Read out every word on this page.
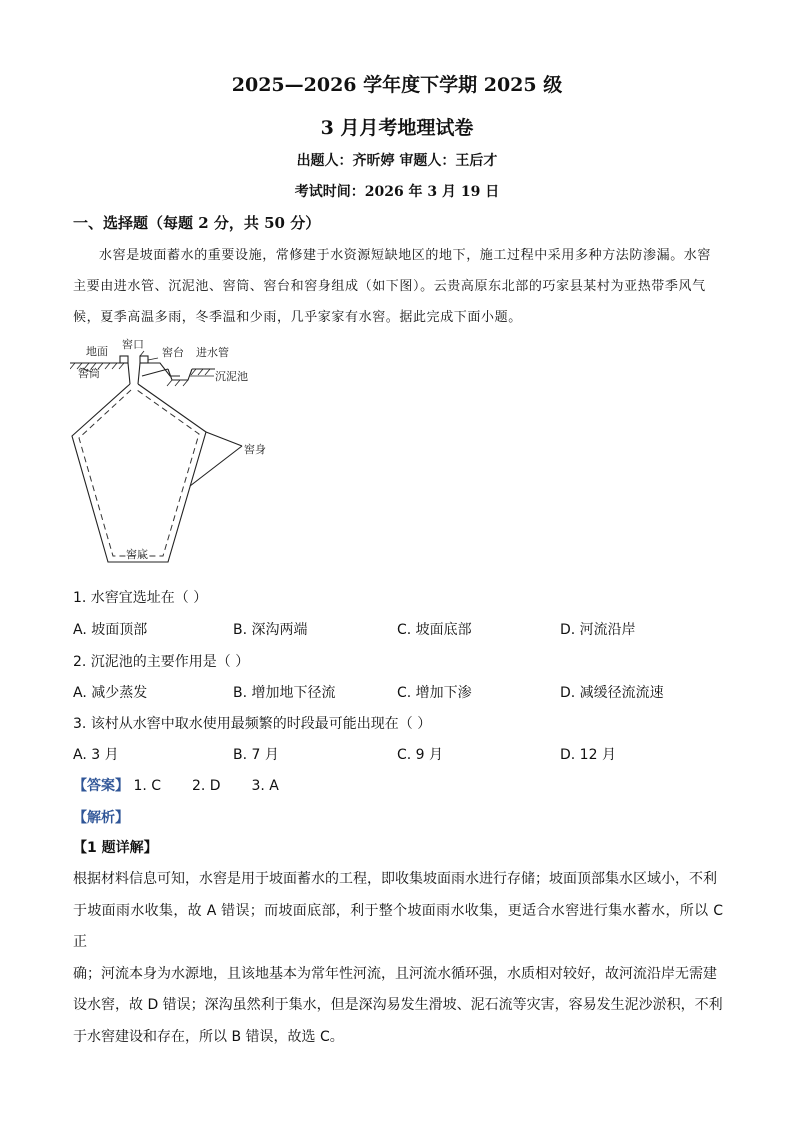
2025—2026 学年度下学期 2025 级
3 月月考地理试卷
出题人：齐昕婷 审题人：王后才
考试时间：2026 年 3 月 19 日
一、选择题（每题 2 分，共 50 分）
水窖是坡面蓄水的重要设施，常修建于水资源短缺地区的地下，施工过程中采用多种方法防渗漏。水窖主要由进水管、沉泥池、窖筒、窖台和窖身组成（如下图）。云贵高原东北部的巧家县某村为亚热带季风气候，夏季高温多雨，冬季温和少雨，几乎家家有水窖。据此完成下面小题。
地面
窖口
窖台 进水管
窖筒	沉泥池
窖身
窖底
1. 水窖宜选址在（ ）
A. 坡面顶部	B. 深沟两端	C. 坡面底部	D. 河流沿岸
2. 沉泥池的主要作用是（ ）
A. 减少蒸发	B. 增加地下径流	C. 增加下渗	D. 减缓径流流速
3. 该村从水窖中取水使用最频繁的时段最可能出现在（ ）
A. 3 月	B. 7 月	C. 9 月	D. 12 月
【答案】 1. C 2. D 3. A
【解析】
【1 题详解】
根据材料信息可知，水窖是用于坡面蓄水的工程，即收集坡面雨水进行存储；坡面顶部集水区域小，不利
于坡面雨水收集，故 A 错误；而坡面底部，利于整个坡面雨水收集，更适合水窖进行集水蓄水，所以 C 正
确；河流本身为水源地，且该地基本为常年性河流，且河流水循环强，水质相对较好，故河流沿岸无需建
设水窖，故 D 错误；深沟虽然利于集水，但是深沟易发生滑坡、泥石流等灾害，容易发生泥沙淤积，不利
于水窖建设和存在，所以 B 错误，故选 C。
